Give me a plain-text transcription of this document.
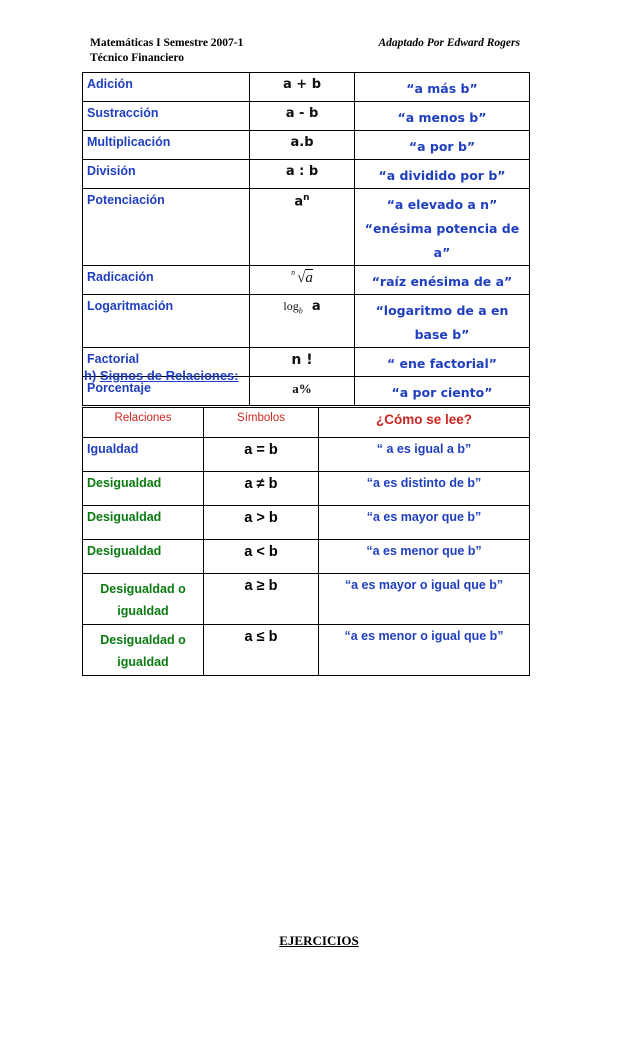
Matemáticas I Semestre 2007-1
Técnico Financiero
Adaptado Por Edward Rogers
Adición	a + b	“a más b”
Sustracción	a - b	“a menos b”
Multiplicación	a.b	“a por b”
División	a : b	“a dividido por b”
Potenciación	$a^n$	“a elevado a n”
“enésima potencia de a”

Radicación	n √a	“raíz enésima de a”
Logaritmación	$\log_b a$	“logaritmo de a en base b”
Factorial	n !	“ ene factorial”
Porcentaje	a%	“a por ciento”
h) Signos de Relaciones:
Relaciones	Símbolos	¿Cómo se lee?
Igualdad	a = b	“ a es igual a b”
Desigualdad	a ≠ b	“a es distinto de b”
Desigualdad	a > b	“a es mayor que b”
Desigualdad	a < b	“a es menor que b”

Desigualdad o
igualdad	a ≥ b	“a es mayor o igual que b”

Desigualdad o
igualdad	a ≤ b	“a es menor o igual que b”
EJERCICIOS
